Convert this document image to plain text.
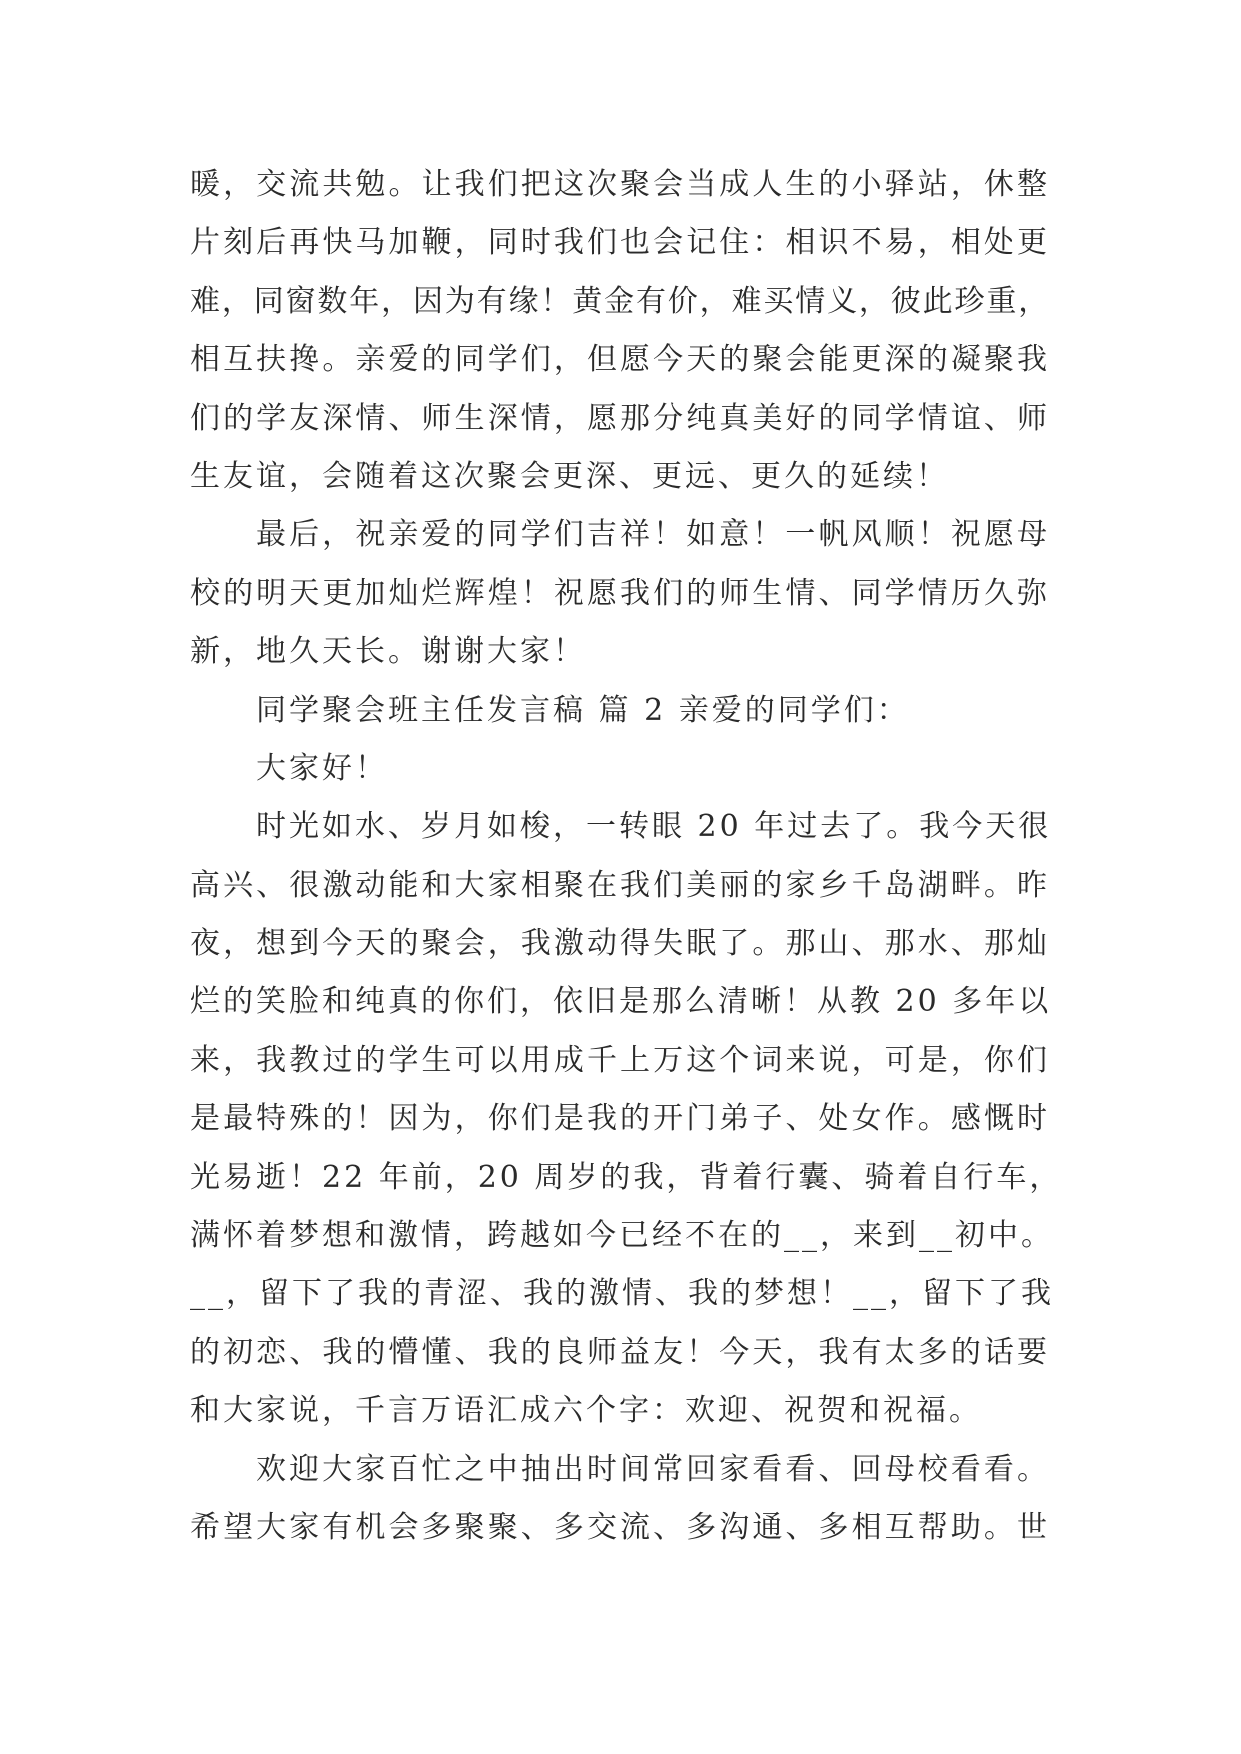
暖，交流共勉。让我们把这次聚会当成人生的小驿站，休整
片刻后再快马加鞭，同时我们也会记住：相识不易，相处更
难，同窗数年，因为有缘！黄金有价，难买情义，彼此珍重，
相互扶搀。亲爱的同学们，但愿今天的聚会能更深的凝聚我
们的学友深情、师生深情，愿那分纯真美好的同学情谊、师
生友谊，会随着这次聚会更深、更远、更久的延续！
最后，祝亲爱的同学们吉祥！如意！一帆风顺！祝愿母
校的明天更加灿烂辉煌！祝愿我们的师生情、同学情历久弥
新，地久天长。谢谢大家！
同学聚会班主任发言稿 篇 2 亲爱的同学们：
大家好！
时光如水、岁月如梭，一转眼 20 年过去了。我今天很
高兴、很激动能和大家相聚在我们美丽的家乡千岛湖畔。昨
夜，想到今天的聚会，我激动得失眠了。那山、那水、那灿
烂的笑脸和纯真的你们，依旧是那么清晰！从教 20 多年以
来，我教过的学生可以用成千上万这个词来说，可是，你们
是最特殊的！因为，你们是我的开门弟子、处女作。感慨时
光易逝！22 年前，20 周岁的我，背着行囊、骑着自行车，
满怀着梦想和激情，跨越如今已经不在的__，来到__初中。
__，留下了我的青涩、我的激情、我的梦想！__，留下了我
的初恋、我的懵懂、我的良师益友！今天，我有太多的话要
和大家说，千言万语汇成六个字：欢迎、祝贺和祝福。
欢迎大家百忙之中抽出时间常回家看看、回母校看看。
希望大家有机会多聚聚、多交流、多沟通、多相互帮助。世
